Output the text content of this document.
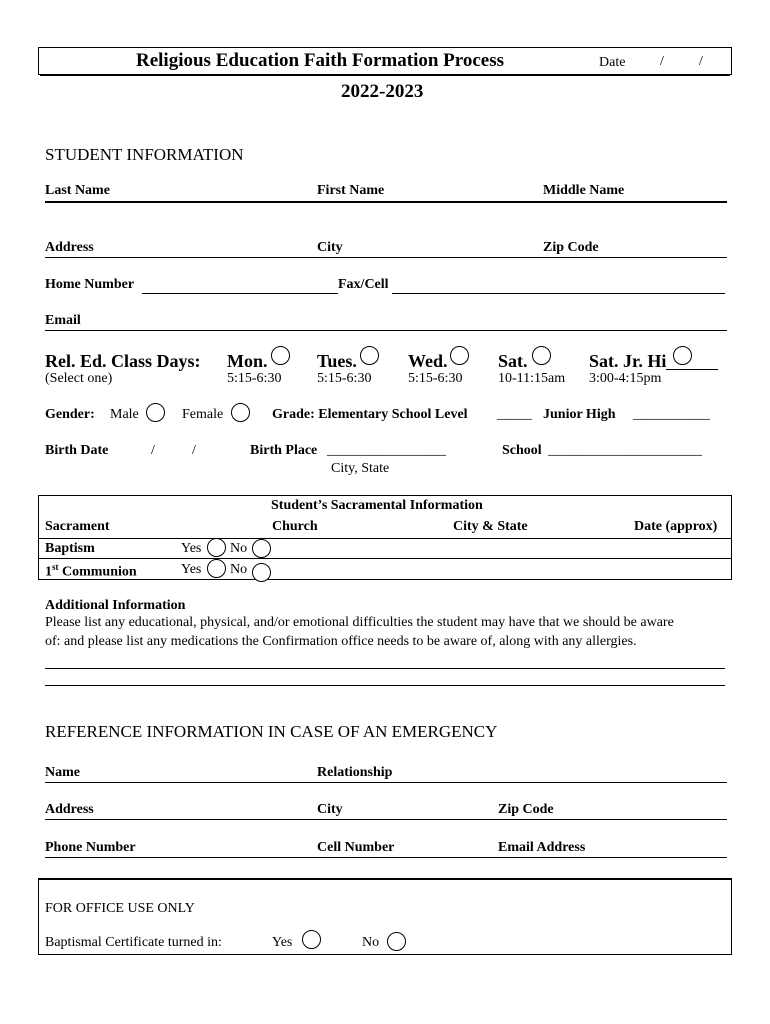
Religious Education Faith Formation Process	Date /	/
2022-2023
STUDENT INFORMATION
Last Name	First Name	Middle Name
Address	City	Zip Code
Home Number	Fax/Cell
Email
Rel. Ed. Class Days:
(Select one)
Mon.
5:15-6:30
Tues.
5:15-6:30
Wed.
5:15-6:30
Sat.
10-11:15am
Sat. Jr. Hi
3:00-4:15pm
Gender: Male	Female	Grade: Elementary School Level _____ Junior High ___________
Birth Date	/	/	Birth Place _________________
City, State
School ______________________
Student’s Sacramental Information
Sacrament	Church	City & State	Date (approx)
Baptism	Yes No
1st Communion	Yes No
Additional Information
Please list any educational, physical, and/or emotional difficulties the student may have that we should be aware
of: and please list any medications the Confirmation office needs to be aware of, along with any allergies.
REFERENCE INFORMATION IN CASE OF AN EMERGENCY
Name	Relationship
Address	City	Zip Code
Phone Number	Cell Number	Email Address
FOR OFFICE USE ONLY
Baptismal Certificate turned in:	Yes	No
